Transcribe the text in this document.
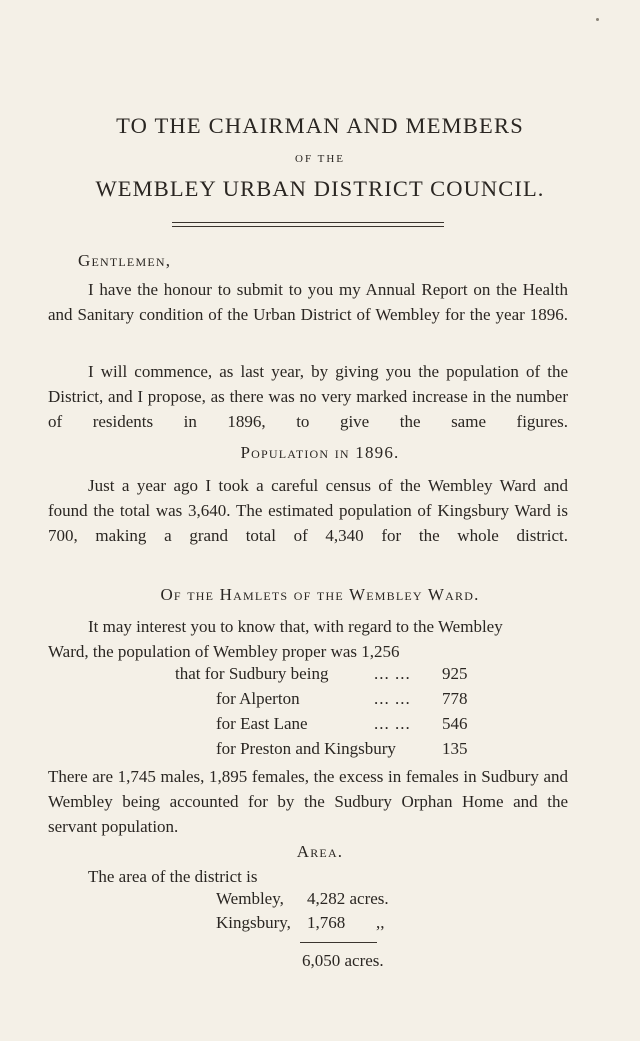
TO THE CHAIRMAN AND MEMBERS
OF THE
WEMBLEY URBAN DISTRICT COUNCIL.
Gentlemen,
I have the honour to submit to you my Annual Report on the Health and Sanitary condition of the Urban District of Wembley for the year 1896.
I will commence, as last year, by giving you the population of the District, and I propose, as there was no very marked increase in the number of residents in 1896, to give the same figures.
Population in 1896.
Just a year ago I took a careful census of the Wembley Ward and found the total was 3,640. The estimated population of Kingsbury Ward is 700, making a grand total of 4,340 for the whole district.
Of the Hamlets of the Wembley Ward.
It may interest you to know that, with regard to the Wembley
Ward, the population of Wembley proper was 1,256
that for Sudbury being	... ... 925
for Alperton	... ... 778
for East Lane	... ... 546
for Preston and Kingsbury	135
There are 1,745 males, 1,895 females, the excess in females in Sudbury and Wembley being accounted for by the Sudbury Orphan Home and the servant population.
Area.
The area of the district is
Wembley, 4,282 acres.
Kingsbury, 1,768 ,,
6,050 acres.
